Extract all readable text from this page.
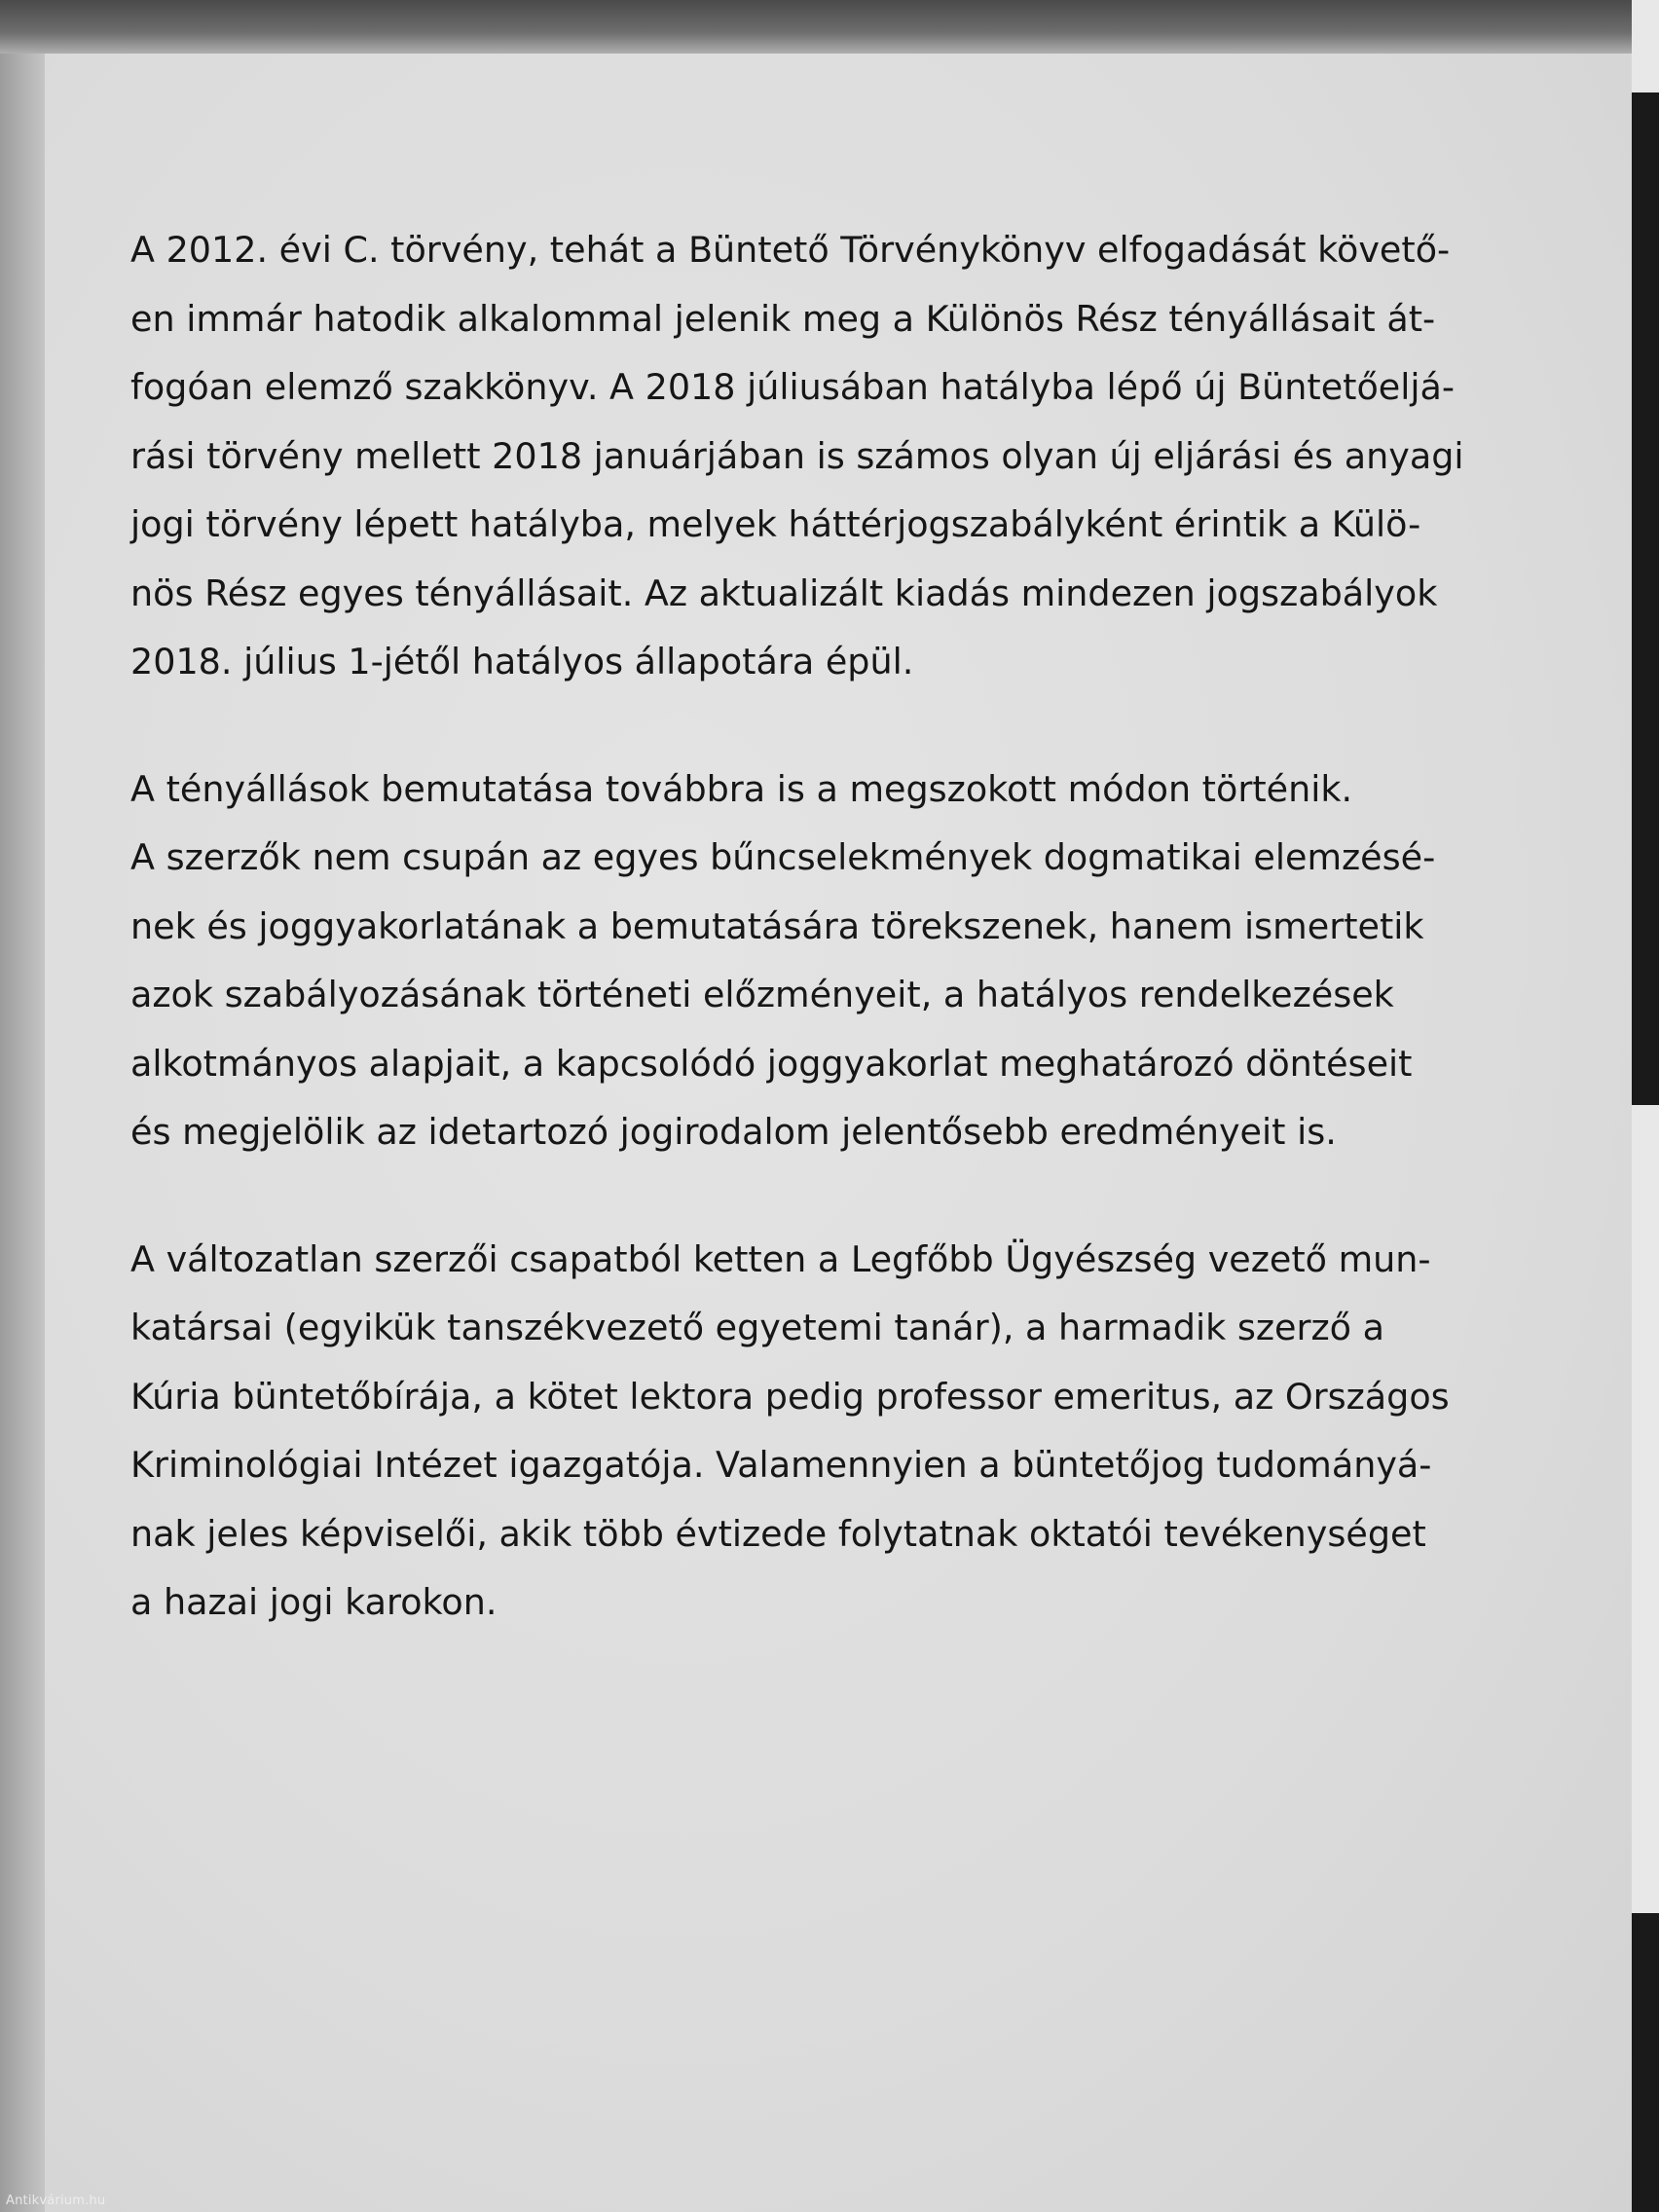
A 2012. évi C. törvény, tehát a Büntető Törvénykönyv elfogadását követő-
en immár hatodik alkalommal jelenik meg a Különös Rész tényállásait át-
fogóan elemző szakkönyv. A 2018 júliusában hatályba lépő új Büntetőeljá-
rási törvény mellett 2018 januárjában is számos olyan új eljárási és anyagi
jogi törvény lépett hatályba, melyek háttérjogszabályként érintik a Külö-
nös Rész egyes tényállásait. Az aktualizált kiadás mindezen jogszabályok
2018. július 1-jétől hatályos állapotára épül.

A tényállások bemutatása továbbra is a megszokott módon történik.
A szerzők nem csupán az egyes bűncselekmények dogmatikai elemzésé-
nek és joggyakorlatának a bemutatására törekszenek, hanem ismertetik
azok szabályozásának történeti előzményeit, a hatályos rendelkezések
alkotmányos alapjait, a kapcsolódó joggyakorlat meghatározó döntéseit
és megjelölik az idetartozó jogirodalom jelentősebb eredményeit is.

A változatlan szerzői csapatból ketten a Legfőbb Ügyészség vezető mun-
katársai (egyikük tanszékvezető egyetemi tanár), a harmadik szerző a
Kúria büntetőbírája, a kötet lektora pedig professor emeritus, az Országos
Kriminológiai Intézet igazgatója. Valamennyien a büntetőjog tudományá-
nak jeles képviselői, akik több évtizede folytatnak oktatói tevékenységet
a hazai jogi karokon.

Antikvárium.hu
